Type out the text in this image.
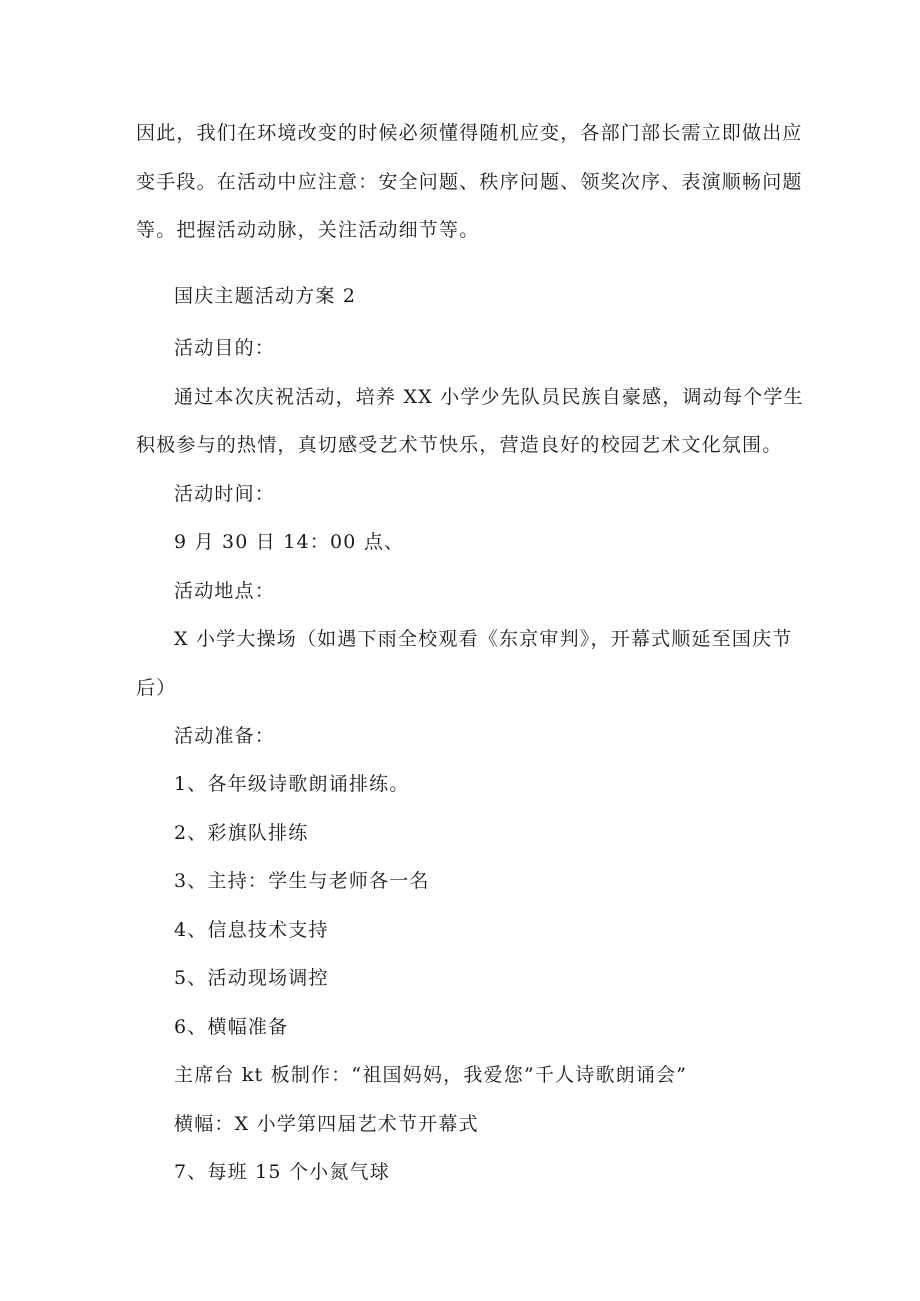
因此，我们在环境改变的时候必须懂得随机应变，各部门部长需立即做出应
变手段。在活动中应注意：安全问题、秩序问题、领奖次序、表演顺畅问题
等。把握活动动脉，关注活动细节等。
国庆主题活动方案 2
活动目的：
通过本次庆祝活动，培养 XX 小学少先队员民族自豪感，调动每个学生
积极参与的热情，真切感受艺术节快乐，营造良好的校园艺术文化氛围。
活动时间：
9 月 30 日 14：00 点、
活动地点：
X 小学大操场（如遇下雨全校观看《东京审判》，开幕式顺延至国庆节
后）
活动准备：
1、各年级诗歌朗诵排练。
2、彩旗队排练
3、主持：学生与老师各一名
4、信息技术支持
5、活动现场调控
6、横幅准备
主席台 kt 板制作：“祖国妈妈，我爱您”千人诗歌朗诵会”
横幅：X 小学第四届艺术节开幕式
7、每班 15 个小氮气球
